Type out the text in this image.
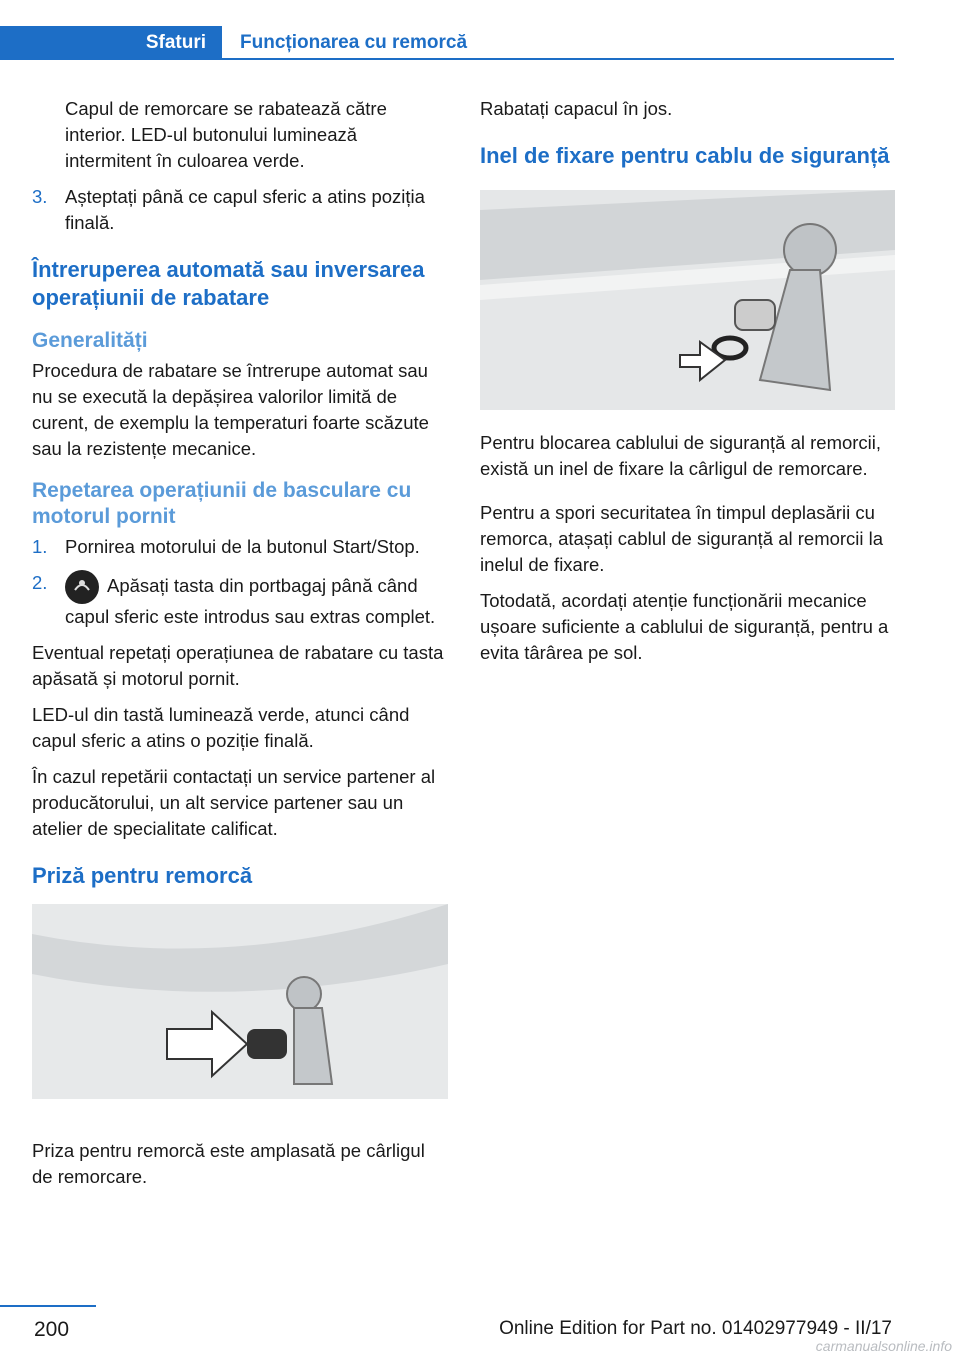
Sfaturi Funcționarea cu remorcă

Capul de remorcare se rabatează către interior. LED-ul butonului luminează intermitent în culoarea verde.

3. Așteptați până ce capul sferic a atins poziția finală.
Întreruperea automată sau inversarea operațiunii de rabatare
Generalități

Procedura de rabatare se întrerupe automat sau nu se execută la depășirea valorilor limită de curent, de exemplu la temperaturi foarte scăzute sau la rezistențe mecanice.

Repetarea operațiunii de basculare cu motorul pornit
1. Pornirea motorului de la butonul Start/Stop.
2.	Apăsați tasta din portbagaj până când capul sferic este introdus sau extras complet.

Eventual repetați operațiunea de rabatare cu tasta apăsată și motorul pornit.

LED-ul din tastă luminează verde, atunci când capul sferic a atins o poziție finală.

În cazul repetării contactați un service partener al producătorului, un alt service partener sau un atelier de specialitate calificat.

Priză pentru remorcă

Priza pentru remorcă este amplasată pe cârligul de remorcare.

Rabatați capacul în jos.

Inel de fixare pentru cablu de siguranță

Pentru blocarea cablului de siguranță al remorcii, există un inel de fixare la cârligul de remorcare.

Pentru a spori securitatea în timpul deplasării cu remorca, atașați cablul de siguranță al remorcii la inelul de fixare.

Totodată, acordați atenție funcționării mecanice ușoare suficiente a cablului de siguranță, pentru a evita târârea pe sol.

200	Online Edition for Part no. 01402977949 - II/17
carmanualsonline.info
